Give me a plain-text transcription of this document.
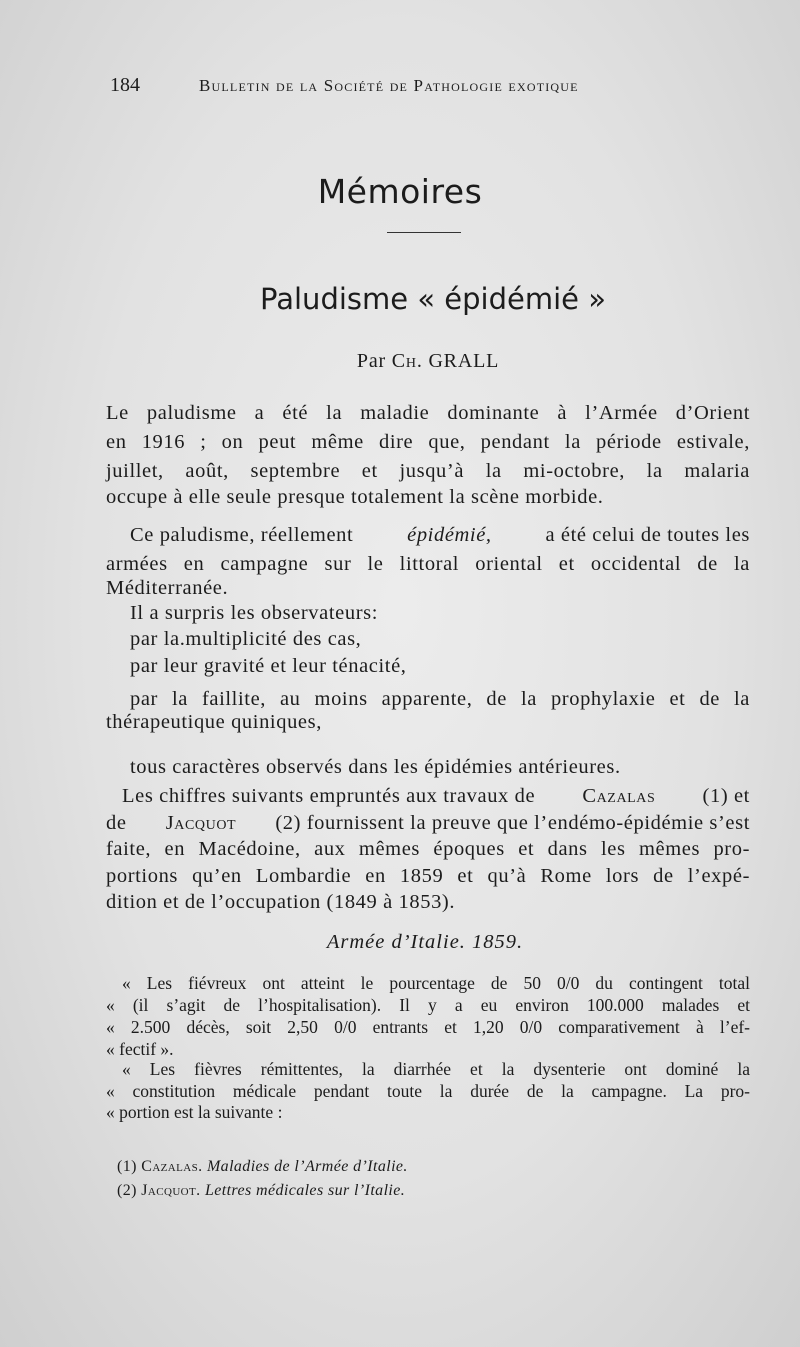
184	Bulletin de la Société de Pathologie exotique
Mémoires
Paludisme « épidémié »
Par Ch. GRALL
Le paludisme a été la maladie dominante à l’Armée d’Orient
en 1916 ; on peut même dire que, pendant la période estivale,
juillet, août, septembre et jusqu’à la mi-octobre, la malaria
occupe à elle seule presque totalement la scène morbide.
Ce paludisme, réellement	épidémié,	a été celui de toutes les
armées en campagne sur le littoral oriental et occidental de la
Méditerranée.
Il a surpris les observateurs:
par la.multiplicité des cas,
par leur gravité et leur ténacité,
par la faillite, au moins apparente, de la prophylaxie et de la
thérapeutique quiniques,
tous caractères observés dans les épidémies antérieures.
Les chiffres suivants empruntés aux travaux de Cazalas (1) et
de Jacquot (2) fournissent la preuve que l’endémo-épidémie s’est
faite, en Macédoine, aux mêmes époques et dans les mêmes pro-
portions qu’en Lombardie en 1859 et qu’à Rome lors de l’expé-
dition et de l’occupation (1849 à 1853).
Armée d’Italie. 1859.
« Les fiévreux ont atteint le pourcentage de 50 0/0 du contingent total
« (il s’agit de l’hospitalisation). Il y a eu environ 100.000 malades et
« 2.500 décès, soit 2,50 0/0 entrants et 1,20 0/0 comparativement à l’ef-
« fectif ».
« Les fièvres rémittentes, la diarrhée et la dysenterie ont dominé la
« constitution médicale pendant toute la durée de la campagne. La pro-
« portion est la suivante :
(1) Cazalas. Maladies de l’Armée d’Italie.
(2) Jacquot. Lettres médicales sur l’Italie.
